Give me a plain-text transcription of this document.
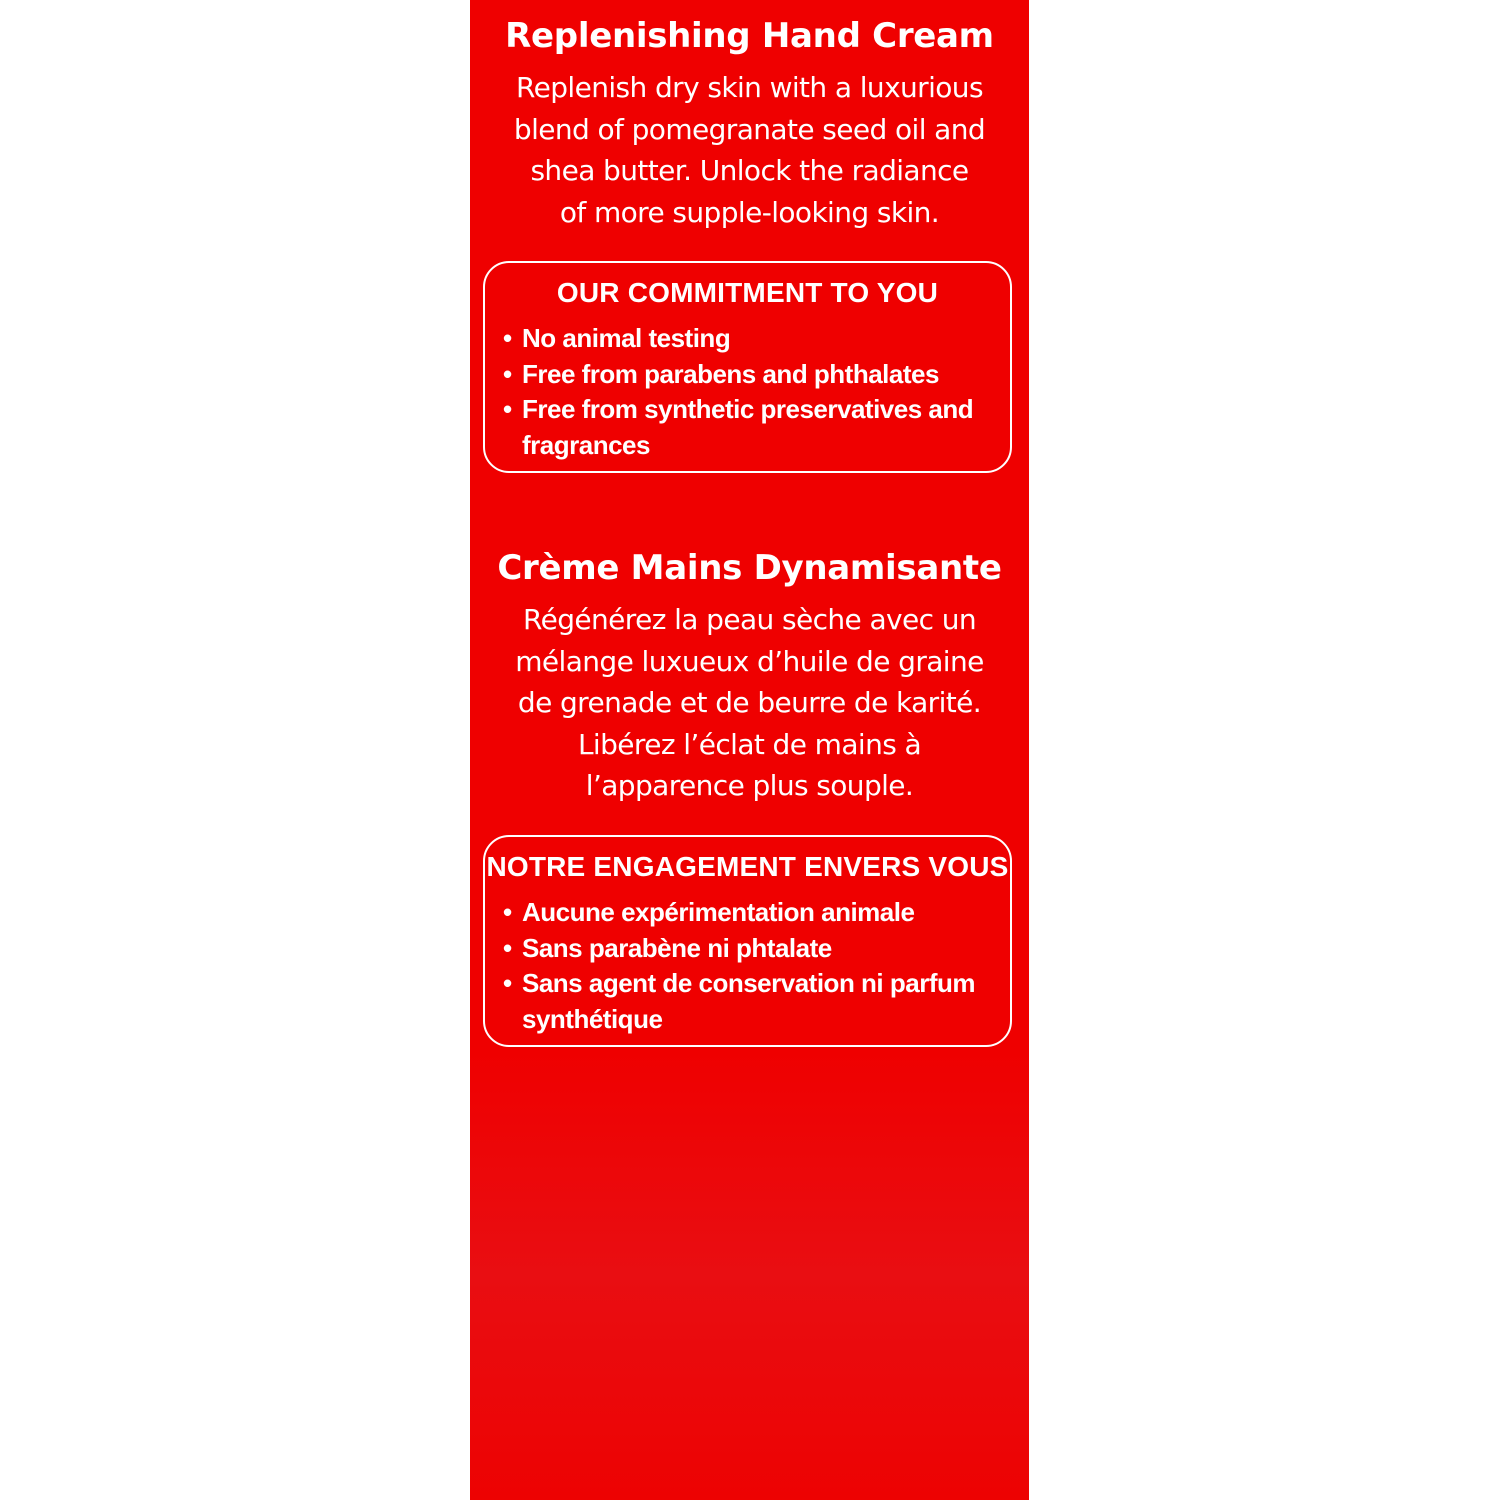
Replenishing Hand Cream

Replenish dry skin with a luxurious
blend of pomegranate seed oil and
shea butter. Unlock the radiance
of more supple-looking skin.

OUR COMMITMENT TO YOU
• No animal testing
• Free from parabens and phthalates
• Free from synthetic preservatives and fragrances
Crème Mains Dynamisante

Régénérez la peau sèche avec un
mélange luxueux d’huile de graine
de grenade et de beurre de karité.
Libérez l’éclat de mains à
l’apparence plus souple.

NOTRE ENGAGEMENT ENVERS VOUS
• Aucune expérimentation animale
• Sans parabène ni phtalate
• Sans agent de conservation ni parfum synthétique
